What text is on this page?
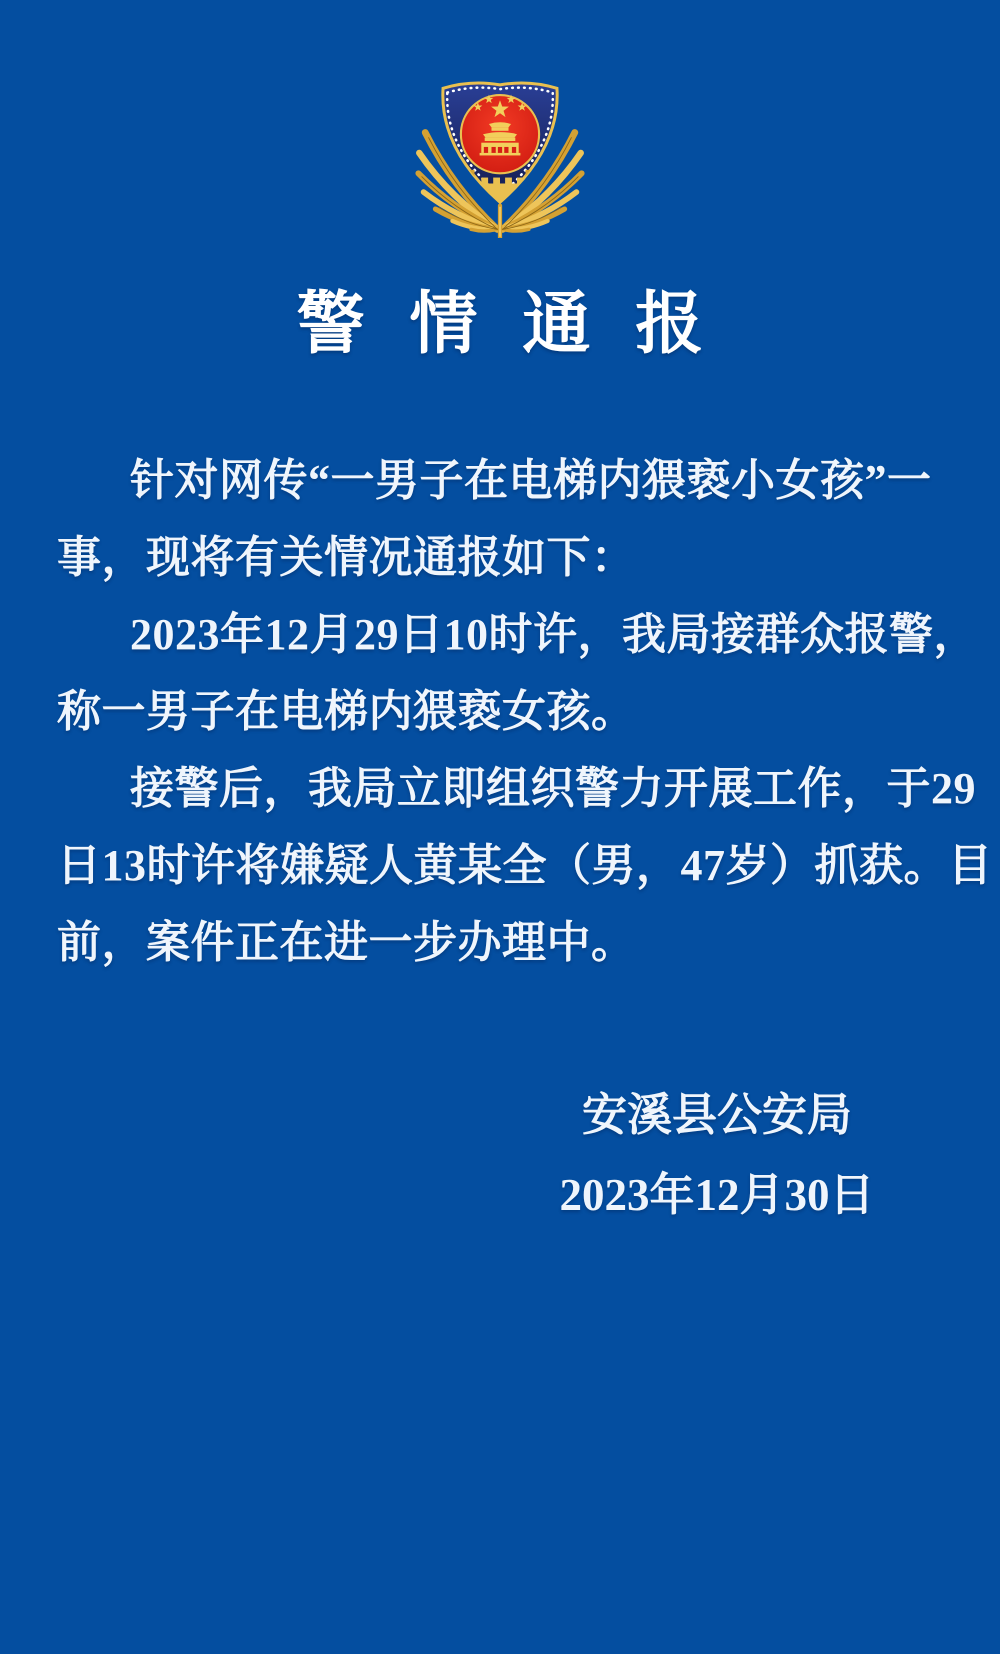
警情通报
针对网传“一男子在电梯内猥亵小女孩”一
事，现将有关情况通报如下：
2023年12月29日10时许，我局接群众报警，
称一男子在电梯内猥亵女孩。
接警后，我局立即组织警力开展工作，于29
日13时许将嫌疑人黄某全（男，47岁）抓获。目
前，案件正在进一步办理中。
安溪县公安局
2023年12月30日
